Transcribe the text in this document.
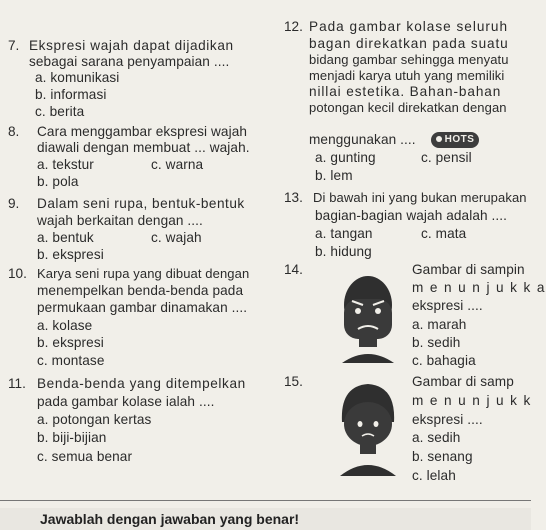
7. Ekspresi wajah dapat dijadikan
sebagai sarana penyampaian ....
a. komunikasi
b. informasi
c. berita
8. Cara menggambar ekspresi wajah
diawali dengan membuat ... wajah.
a. tekstur	c. warna
b. pola
9. Dalam seni rupa, bentuk-bentuk
wajah berkaitan dengan ....
a. bentuk	c. wajah
b. ekspresi
10. Karya seni rupa yang dibuat dengan
menempelkan benda-benda pada
permukaan gambar dinamakan ....
a. kolase
b. ekspresi
c. montase
11. Benda-benda yang ditempelkan
pada gambar kolase ialah ....
a. potongan kertas
b. biji-bijian
c. semua benar
12. Pada gambar kolase seluruh
bagan direkatkan pada suatu
bidang gambar sehingga menyatu
menjadi karya utuh yang memiliki
nillai estetika. Bahan-bahan
potongan kecil direkatkan dengan
menggunakan ....	HOTS
a. gunting	c. pensil
b. lem
13. Di bawah ini yang bukan merupakan
bagian-bagian wajah adalah ....
a. tangan	c. mata
b. hidung
14.	Gambar di sampin
m e n u n j u k k a
ekspresi ....
a. marah
b. sedih
c. bahagia
15.	Gambar di samp
m e n u n j u k k
ekspresi ....
a. sedih
b. senang
c. lelah
Jawablah dengan jawaban yang benar!
